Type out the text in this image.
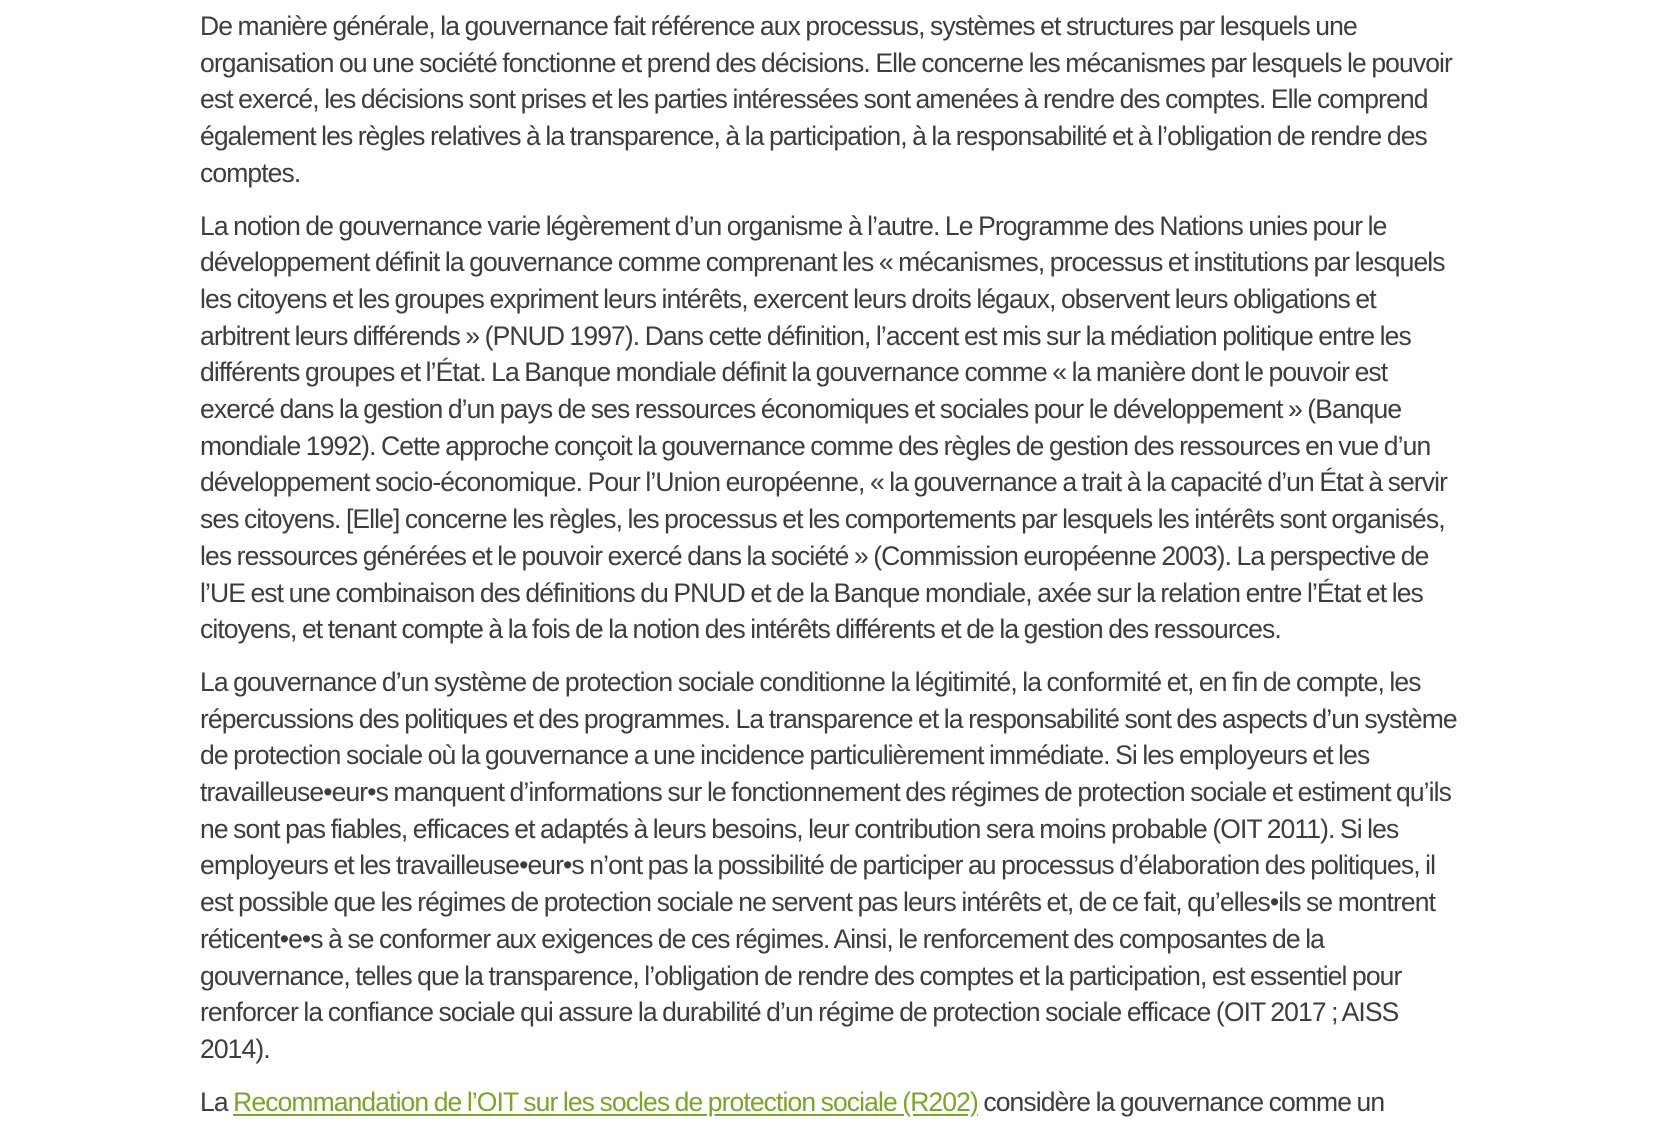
De manière générale, la gouvernance fait référence aux processus, systèmes et structures par lesquels une organisation ou une société fonctionne et prend des décisions. Elle concerne les mécanismes par lesquels le pouvoir est exercé, les décisions sont prises et les parties intéressées sont amenées à rendre des comptes. Elle comprend également les règles relatives à la transparence, à la participation, à la responsabilité et à l’obligation de rendre des comptes.

La notion de gouvernance varie légèrement d’un organisme à l’autre. Le Programme des Nations unies pour le développement définit la gouvernance comme comprenant les « mécanismes, processus et institutions par lesquels les citoyens et les groupes expriment leurs intérêts, exercent leurs droits légaux, observent leurs obligations et arbitrent leurs différends » (PNUD 1997). Dans cette définition, l’accent est mis sur la médiation politique entre les différents groupes et l’État. La Banque mondiale définit la gouvernance comme « la manière dont le pouvoir est exercé dans la gestion d’un pays de ses ressources économiques et sociales pour le développement » (Banque mondiale 1992). Cette approche conçoit la gouvernance comme des règles de gestion des ressources en vue d’un développement socio-économique. Pour l’Union européenne, « la gouvernance a trait à la capacité d’un État à servir ses citoyens. [Elle] concerne les règles, les processus et les comportements par lesquels les intérêts sont organisés, les ressources générées et le pouvoir exercé dans la société » (Commission européenne 2003). La perspective de l’UE est une combinaison des définitions du PNUD et de la Banque mondiale, axée sur la relation entre l’État et les citoyens, et tenant compte à la fois de la notion des intérêts différents et de la gestion des ressources.

La gouvernance d’un système de protection sociale conditionne la légitimité, la conformité et, en fin de compte, les répercussions des politiques et des programmes. La transparence et la responsabilité sont des aspects d’un système de protection sociale où la gouvernance a une incidence particulièrement immédiate. Si les employeurs et les travailleuse•eur•s manquent d’informations sur le fonctionnement des régimes de protection sociale et estiment qu’ils ne sont pas fiables, efficaces et adaptés à leurs besoins, leur contribution sera moins probable (OIT 2011). Si les employeurs et les travailleuse•eur•s n’ont pas la possibilité de participer au processus d’élaboration des politiques, il est possible que les régimes de protection sociale ne servent pas leurs intérêts et, de ce fait, qu’elles•ils se montrent réticent•e•s à se conformer aux exigences de ces régimes. Ainsi, le renforcement des composantes de la gouvernance, telles que la transparence, l’obligation de rendre des comptes et la participation, est essentiel pour renforcer la confiance sociale qui assure la durabilité d’un régime de protection sociale efficace (OIT 2017 ; AISS 2014).

La Recommandation de l’OIT sur les socles de protection sociale (R202) considère la gouvernance comme un
